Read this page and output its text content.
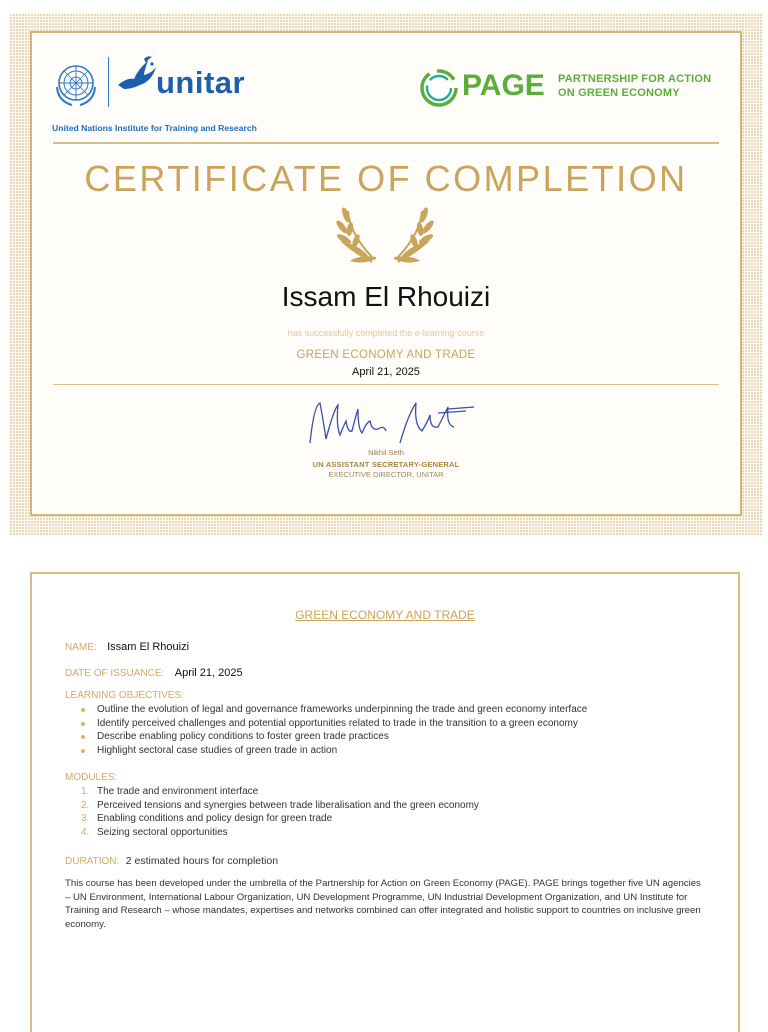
unitar
United Nations Institute for Training and Research
PAGE PARTNERSHIP FOR ACTION
ON GREEN ECONOMY
CERTIFICATE OF COMPLETION
Issam El Rhouizi
has successfully completed the e-learning course
GREEN ECONOMY AND TRADE
April 21, 2025
Nikhil Seth
UN ASSISTANT SECRETARY-GENERAL
EXECUTIVE DIRECTOR, UNITAR
GREEN ECONOMY AND TRADE
NAME: Issam El Rhouizi
DATE OF ISSUANCE: April 21, 2025
LEARNING OBJECTIVES:
Outline the evolution of legal and governance frameworks underpinning the trade and green economy interface
Identify perceived challenges and potential opportunities related to trade in the transition to a green economy
Describe enabling policy conditions to foster green trade practices
Highlight sectoral case studies of green trade in action
MODULES:
1. The trade and environment interface
2. Perceived tensions and synergies between trade liberalisation and the green economy
3. Enabling conditions and policy design for green trade
4. Seizing sectoral opportunities
DURATION: 2 estimated hours for completion

This course has been developed under the umbrella of the Partnership for Action on Green Economy (PAGE). PAGE brings together five UN agencies – UN Environment, International Labour Organization, UN Development Programme, UN Industrial Development Organization, and UN Institute for Training and Research – whose mandates, expertises and networks combined can offer integrated and holistic support to countries on inclusive green economy.
